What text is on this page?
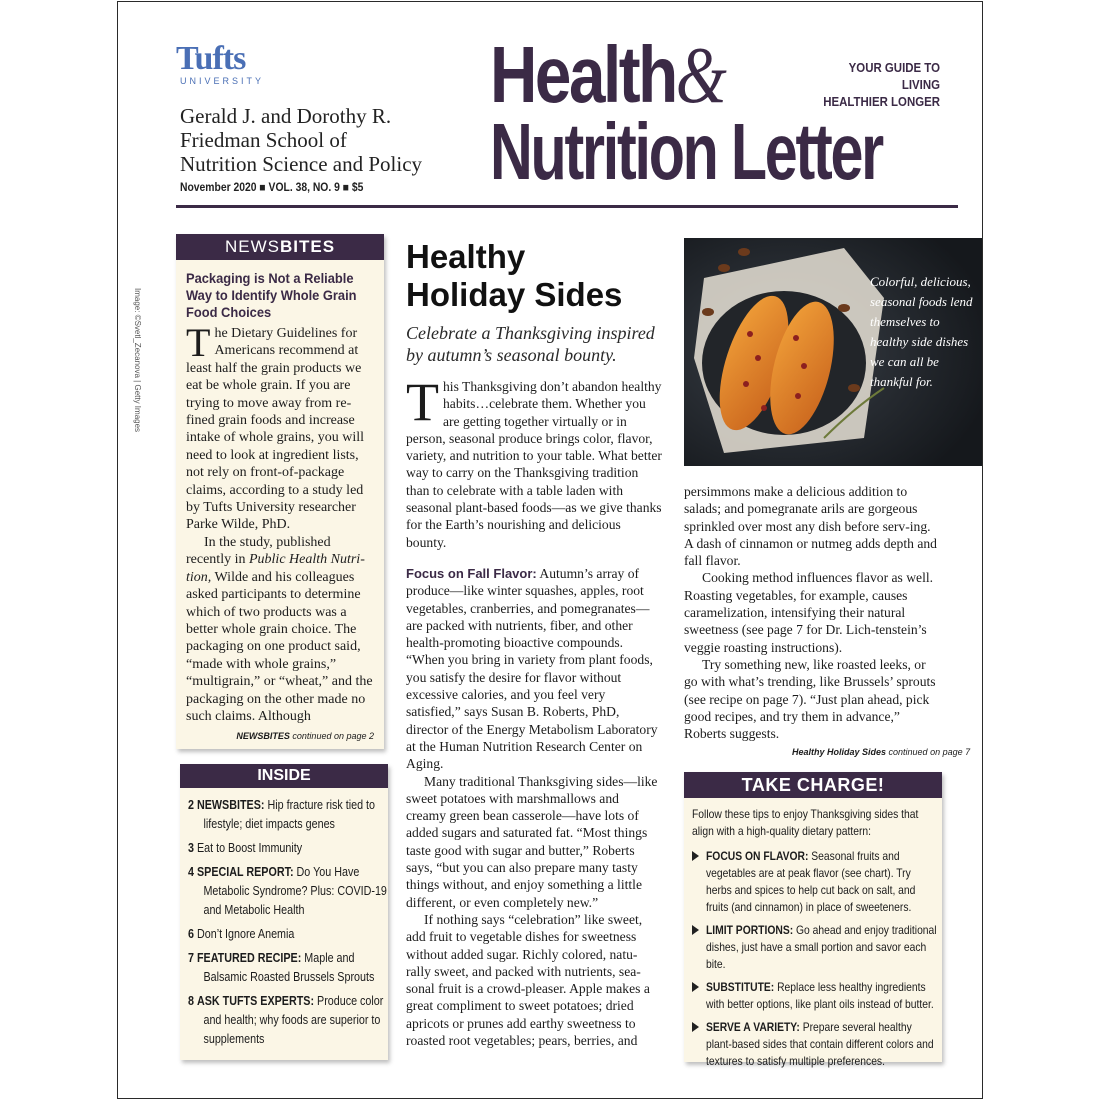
Tufts
UNIVERSITY
Gerald J. and Dorothy R.
Friedman School of
Nutrition Science and Policy
November 2020 ■ VOL. 38, NO. 9 ■ $5
Health&
Nutrition Letter
YOUR GUIDE TO LIVING
HEALTHIER LONGER
Image: ©Svetl_Zecanova | Getty Images
NEWSBITES
Packaging is Not a Reliable Way to Identify Whole Grain Food Choices
The Dietary Guidelines for Americans recommend at least half the grain products we eat be whole grain. If you are trying to move away from re-fined grain foods and increase intake of whole grains, you will need to look at ingredient lists, not rely on front-of-package claims, according to a study led by Tufts University researcher Parke Wilde, PhD.
In the study, published recently in Public Health Nutri-tion, Wilde and his colleagues asked participants to determine which of two products was a better whole grain choice. The packaging on one product said, “made with whole grains,” “multigrain,” or “wheat,” and the packaging on the other made no such claims. Although
NEWSBITES continued on page 2
INSIDE
2 NEWSBITES: Hip fracture risk tied to
lifestyle; diet impacts genes
3 Eat to Boost Immunity
4 SPECIAL REPORT: Do You Have
Metabolic Syndrome? Plus: COVID-19 and Metabolic Health
6 Don’t Ignore Anemia
7 FEATURED RECIPE: Maple and
Balsamic Roasted Brussels Sprouts
8 ASK TUFTS EXPERTS: Produce color
and health; why foods are superior to supplements
Healthy
Holiday Sides
Celebrate a Thanksgiving inspired by autumn’s seasonal bounty.

This Thanksgiving don’t abandon healthy habits…celebrate them. Whether you are getting together virtually or in person, seasonal produce brings color, flavor, variety, and nutrition to your table. What better way to carry on the Thanksgiving tradition than to celebrate with a table laden with seasonal plant-based foods—as we give thanks for the Earth’s nourishing and delicious bounty.

Focus on Fall Flavor: Autumn’s array of produce—like winter squashes, apples, root vegetables, cranberries, and pomegranates—are packed with nutrients, fiber, and other health-promoting bioactive compounds. “When you bring in variety from plant foods, you satisfy the desire for flavor without excessive calories, and you feel very satisfied,” says Susan B. Roberts, PhD, director of the Energy Metabolism Laboratory at the Human Nutrition Research Center on Aging.

Many traditional Thanksgiving sides—like sweet potatoes with marshmallows and creamy green bean casserole—have lots of added sugars and saturated fat. “Most things taste good with sugar and butter,” Roberts says, “but you can also prepare many tasty things without, and enjoy something a little different, or even completely new.”

If nothing says “celebration” like sweet, add fruit to vegetable dishes for sweetness without added sugar. Richly colored, natu-rally sweet, and packed with nutrients, sea-sonal fruit is a crowd-pleaser. Apple makes a great compliment to sweet potatoes; dried apricots or prunes add earthy sweetness to roasted root vegetables; pears, berries, and

Colorful, delicious, seasonal foods lend themselves to healthy side dishes we can all be thankful for.

persimmons make a delicious addition to salads; and pomegranate arils are gorgeous sprinkled over most any dish before serv-ing. A dash of cinnamon or nutmeg adds depth and fall flavor.

Cooking method influences flavor as well. Roasting vegetables, for example, causes caramelization, intensifying their natural sweetness (see page 7 for Dr. Lich-tenstein’s veggie roasting instructions).

Try something new, like roasted leeks, or go with what’s trending, like Brussels’ sprouts (see recipe on page 7). “Just plan ahead, pick good recipes, and try them in advance,” Roberts suggests.

Healthy Holiday Sides continued on page 7
TAKE CHARGE!
Follow these tips to enjoy Thanksgiving sides that align with a high-quality dietary pattern:
FOCUS ON FLAVOR: Seasonal fruits and vegetables are at peak flavor (see chart). Try herbs and spices to help cut back on salt, and fruits (and cinnamon) in place of sweeteners.
LIMIT PORTIONS: Go ahead and enjoy traditional dishes, just have a small portion and savor each bite.
SUBSTITUTE: Replace less healthy ingredients with better options, like plant oils instead of butter.
SERVE A VARIETY: Prepare several healthy plant-based sides that contain different colors and textures to satisfy multiple preferences.
